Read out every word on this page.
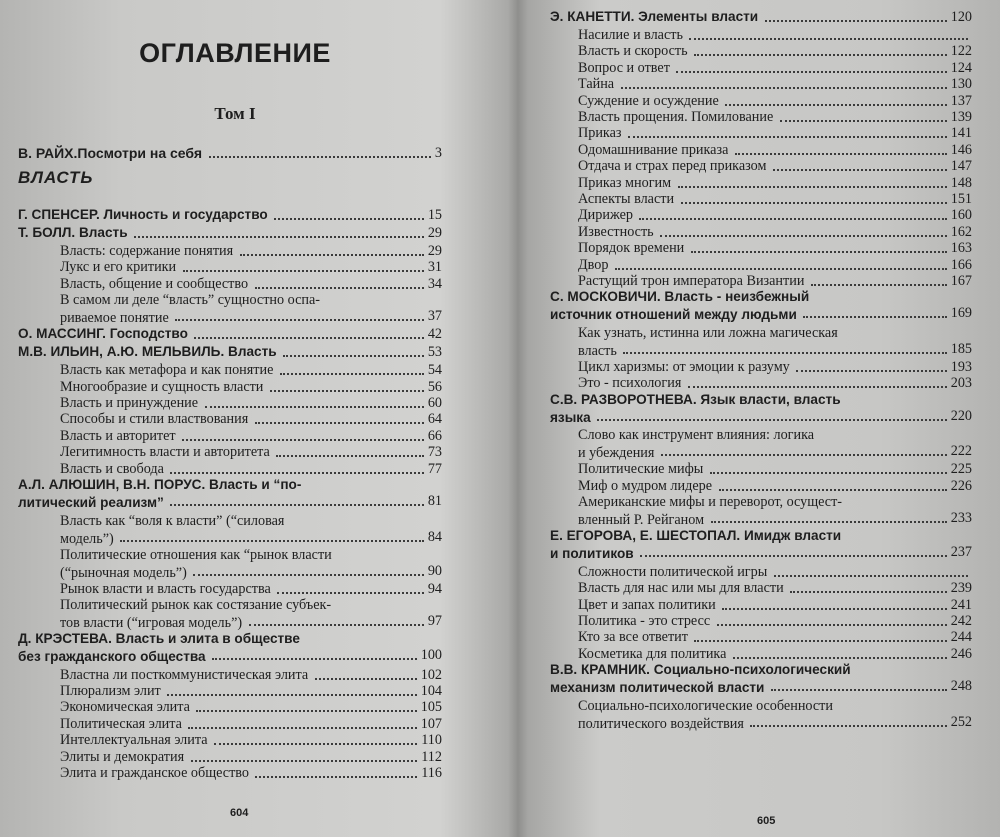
ОГЛАВЛЕНИЕ
Том I
В. РАЙХ.Посмотри на себя	3
ВЛАСТЬ
Г. СПЕНСЕР. Личность и государство	15
Т. БОЛЛ. Власть	29
Власть: содержание понятия	29
Лукс и его критики	31
Власть, общение и сообщество	34
В самом ли деле “власть” сущностно оспа-
риваемое понятие	37
О. МАССИНГ. Господство	42
М.В. ИЛЬИН, А.Ю. МЕЛЬВИЛЬ. Власть	53
Власть как метафора и как понятие	54
Многообразие и сущность власти	56
Власть и принуждение	60
Способы и стили властвования	64
Власть и авторитет	66
Легитимность власти и авторитета	73
Власть и свобода	77
А.Л. АЛЮШИН, В.Н. ПОРУС. Власть и “по-
литический реализм”	81
Власть как “воля к власти” (“силовая
модель”)	84
Политические отношения как “рынок власти
(“рыночная модель”)	90
Рынок власти и власть государства	94
Политический рынок как состязание субъек-
тов власти (“игровая модель”)	97
Д. КРЭСТЕВА. Власть и элита в обществе
без гражданского общества	100
Властна ли посткоммунистическая элита	102
Плюрализм элит	104
Экономическая элита	105
Политическая элита	107
Интеллектуальная элита	110
Элиты и демократия	112
Элита и гражданское общество	116
604
Э. КАНЕТТИ. Элементы власти	120
Насилие и власть
Власть и скорость	122
Вопрос и ответ	124
Тайна	130
Суждение и осуждение	137
Власть прощения. Помилование	139
Приказ	141
Одомашнивание приказа	146
Отдача и страх перед приказом	147
Приказ многим	148
Аспекты власти	151
Дирижер	160
Известность	162
Порядок времени	163
Двор	166
Растущий трон императора Византии	167
С. МОСКОВИЧИ. Власть - неизбежный
источник отношений между людьми	169
Как узнать, истинна или ложна магическая
власть	185
Цикл харизмы: от эмоции к разуму	193
Это - психология	203
С.В. РАЗВОРОТНЕВА. Язык власти, власть
языка	220
Слово как инструмент влияния: логика
и убеждения	222
Политические мифы	225
Миф о мудром лидере	226
Американские мифы и переворот, осущест-
вленный Р. Рейганом	233
Е. ЕГОРОВА, Е. ШЕСТОПАЛ. Имидж власти
и политиков	237
Сложности политической игры
Власть для нас или мы для власти	239
Цвет и запах политики	241
Политика - это стресс	242
Кто за все ответит	244
Косметика для политика	246
В.В. КРАМНИК. Социально-психологический
механизм политической власти	248
Социально-психологические особенности
политического воздействия	252
605
